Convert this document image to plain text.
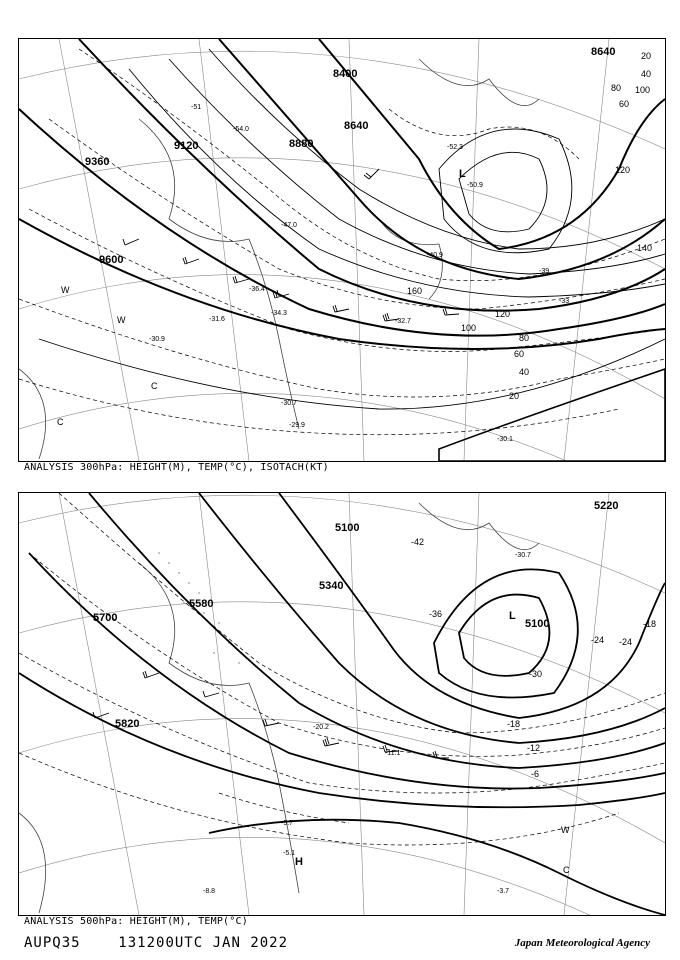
8400
8640
8640
8880
9120
9360
9600
20
40
60
80 100
120
140
160
60
40
20
80
100
120
-51
-54.0
-47.0
-40.9
-36.4
-34.3
-31.6
-30.9
-29.9
-30.7
-32.7
-52.3
-50.9
-39
-33
-30.1
L
C
W
W
C
ANALYSIS 300hPa: HEIGHT(M), TEMP(°C), ISOTACH(KT)
5100
5100
5220
5340
5580
5700
5820
-42
-36
-30
-24
-18
-12
-6
-18
-24
-30.7
-20.2
-11.1
-5.7
-3.7
-5.1
-8.8
L
H
W
C
ANALYSIS 500hPa: HEIGHT(M), TEMP(°C)
AUPQ35	131200UTC JAN 2022	Japan Meteorological Agency
